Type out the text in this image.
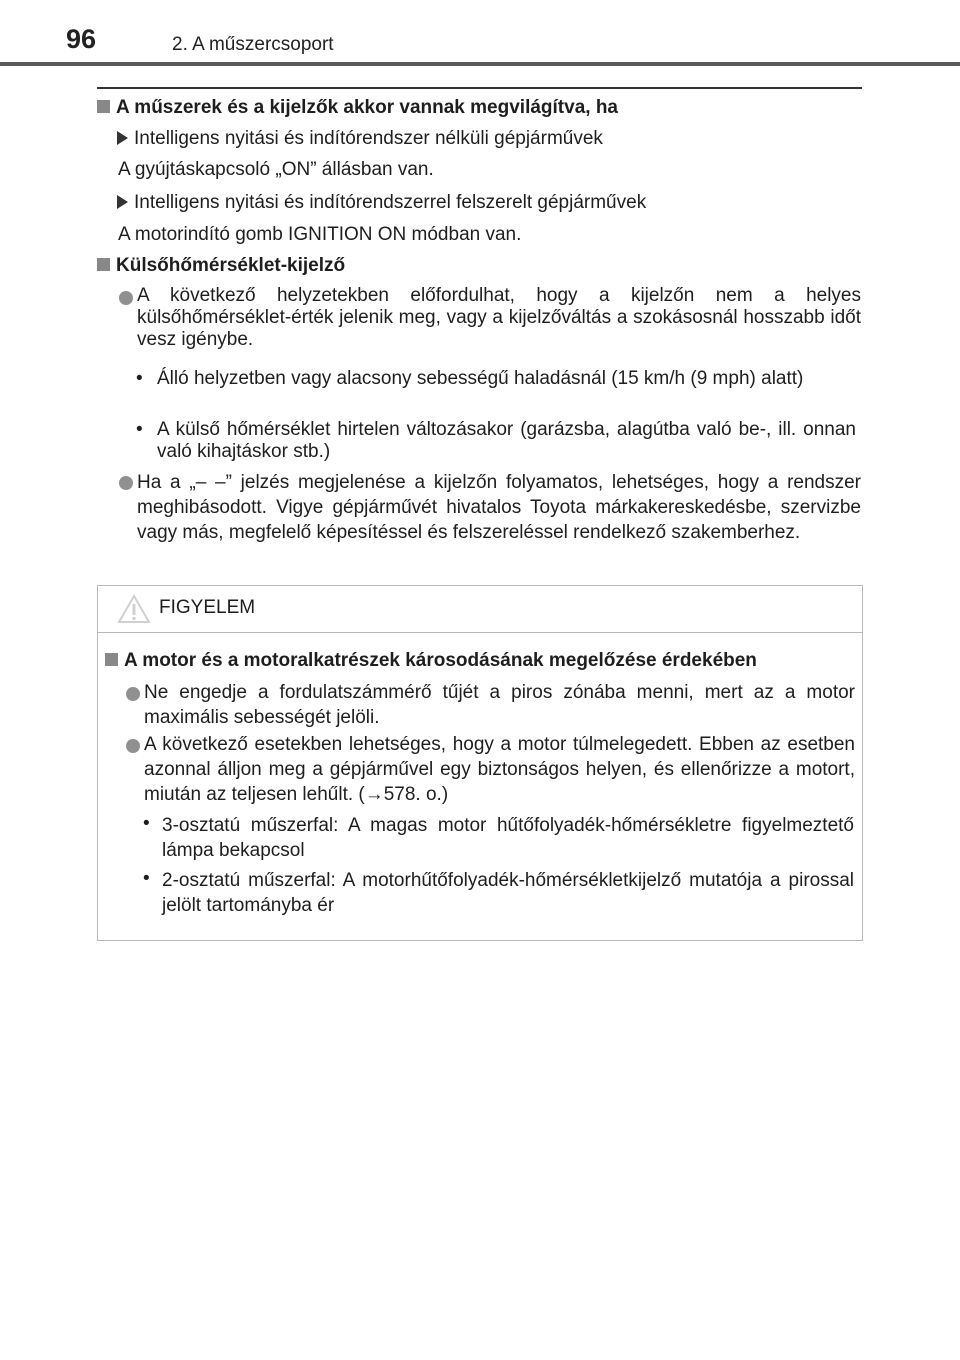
96	2. A műszercsoport
A műszerek és a kijelzők akkor vannak megvilágítva, ha
Intelligens nyitási és indítórendszer nélküli gépjárművek
A gyújtáskapcsoló „ON” állásban van.
Intelligens nyitási és indítórendszerrel felszerelt gépjárművek
A motorindító gomb IGNITION ON módban van.
Külsőhőmérséklet-kijelző
A következő helyzetekben előfordulhat, hogy a kijelzőn nem a helyes külsőhőmérséklet-érték jelenik meg, vagy a kijelzőváltás a szokásosnál hosszabb időt vesz igénybe.
• Álló helyzetben vagy alacsony sebességű haladásnál (15 km/h (9 mph) alatt)
• A külső hőmérséklet hirtelen változásakor (garázsba, alagútba való be-, ill. onnan való kihajtáskor stb.)
Ha a „– –” jelzés megjelenése a kijelzőn folyamatos, lehetséges, hogy a rendszer meghibásodott. Vigye gépjárművét hivatalos Toyota márkakereskedésbe, szervizbe vagy más, megfelelő képesítéssel és felszereléssel rendelkező szakemberhez.
FIGYELEM
A motor és a motoralkatrészek károsodásának megelőzése érdekében
Ne engedje a fordulatszámmérő tűjét a piros zónába menni, mert az a motor maximális sebességét jelöli.
A következő esetekben lehetséges, hogy a motor túlmelegedett. Ebben az esetben azonnal álljon meg a gépjárművel egy biztonságos helyen, és ellenőrizze a motort, miután az teljesen lehűlt. (→578. o.)
• 3-osztatú műszerfal: A magas motor hűtőfolyadék-hőmérsékletre figyelmeztető lámpa bekapcsol
• 2-osztatú műszerfal: A motorhűtőfolyadék-hőmérsékletkijelző mutatója a pirossal jelölt tartományba ér
